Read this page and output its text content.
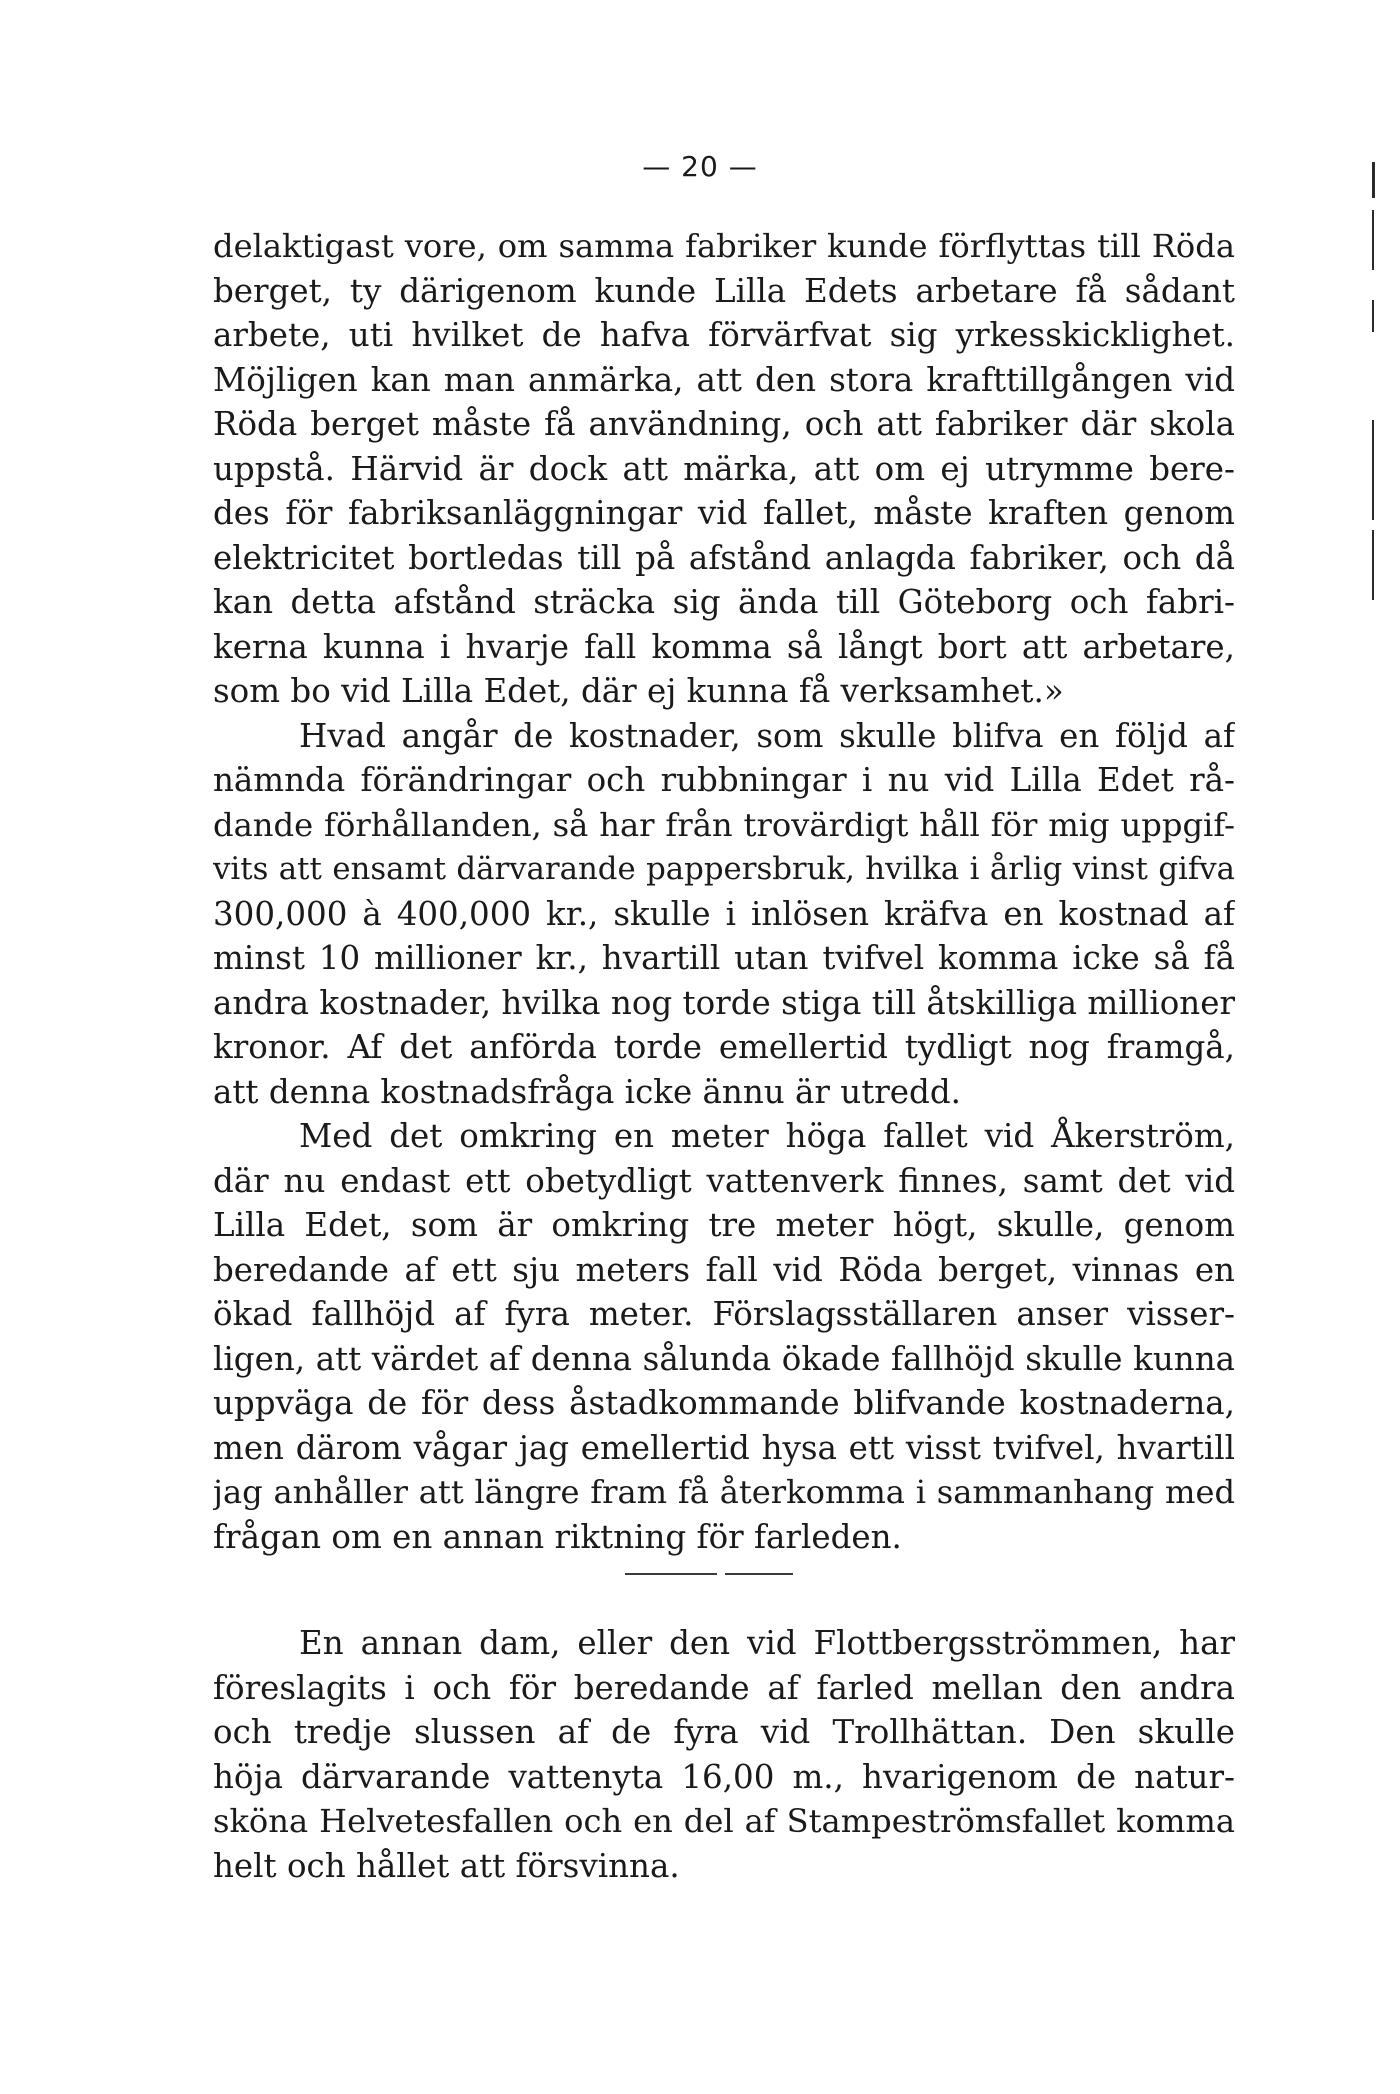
— 20 —
delaktigast vore, om samma fabriker kunde förflyttas till Röda
berget, ty därigenom kunde Lilla Edets arbetare få sådant
arbete, uti hvilket de hafva förvärfvat sig yrkesskicklighet.
Möjligen kan man anmärka, att den stora krafttillgången vid
Röda berget måste få användning, och att fabriker där skola
uppstå. Härvid är dock att märka, att om ej utrymme bere-
des för fabriksanläggningar vid fallet, måste kraften genom
elektricitet bortledas till på afstånd anlagda fabriker, och då
kan detta afstånd sträcka sig ända till Göteborg och fabri-
kerna kunna i hvarje fall komma så långt bort att arbetare,
som bo vid Lilla Edet, där ej kunna få verksamhet.»
Hvad angår de kostnader, som skulle blifva en följd af
nämnda förändringar och rubbningar i nu vid Lilla Edet rå-
dande förhållanden, så har från trovärdigt håll för mig uppgif-
vits att ensamt därvarande pappersbruk, hvilka i årlig vinst gifva
300,000 à 400,000 kr., skulle i inlösen kräfva en kostnad af
minst 10 millioner kr., hvartill utan tvifvel komma icke så få
andra kostnader, hvilka nog torde stiga till åtskilliga millioner
kronor. Af det anförda torde emellertid tydligt nog framgå,
att denna kostnadsfråga icke ännu är utredd.
Med det omkring en meter höga fallet vid Åkerström,
där nu endast ett obetydligt vattenverk finnes, samt det vid
Lilla Edet, som är omkring tre meter högt, skulle, genom
beredande af ett sju meters fall vid Röda berget, vinnas en
ökad fallhöjd af fyra meter. Förslagsställaren anser visser-
ligen, att värdet af denna sålunda ökade fallhöjd skulle kunna
uppväga de för dess åstadkommande blifvande kostnaderna,
men därom vågar jag emellertid hysa ett visst tvifvel, hvartill
jag anhåller att längre fram få återkomma i sammanhang med
frågan om en annan riktning för farleden.
En annan dam, eller den vid Flottbergsströmmen, har
föreslagits i och för beredande af farled mellan den andra
och tredje slussen af de fyra vid Trollhättan. Den skulle
höja därvarande vattenyta 16,00 m., hvarigenom de natur-
sköna Helvetesfallen och en del af Stampeströmsfallet komma
helt och hållet att försvinna.
